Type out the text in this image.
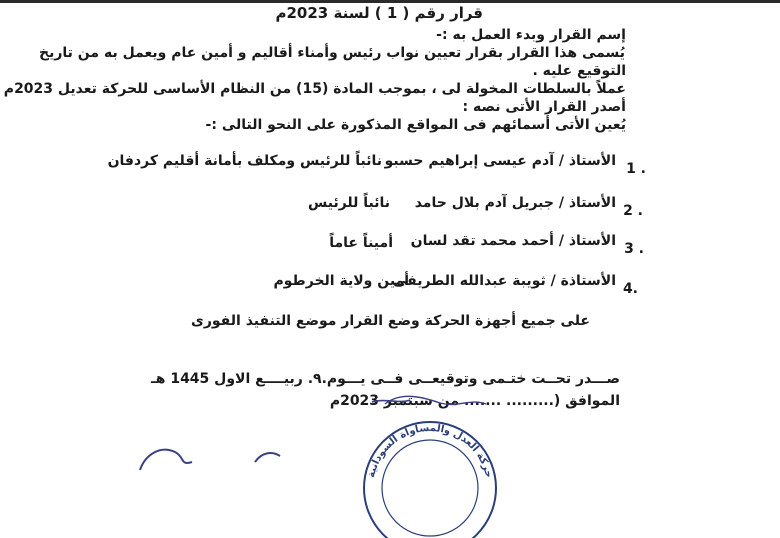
قرار رقم ( 1 ) لسنة 2023م
إسم القرار وبدء العمل به :-
يُسمى هذا القرار بقرار تعيين نواب رئيس وأمناء أقاليم و أمين عام ويعمل به من تاريخ
التوقيع عليه .
عملاً بالسلطات المخولة لى ، بموجب المادة (15) من النظام الأساسى للحركة تعديل 2023م
أصدر القرار الأتى نصه :
يُعين الأتى أسمائهم فى المواقع المذكورة على النحو التالى :-
1 .
الأستاذ / آدم عيسى إبراهيم حسبو
نائباً للرئيس ومكلف بأمانة أقليم كردفان
2 .
الأستاذ / جبريل آدم بلال حامد
نائباً للرئيس
3 .
الأستاذ / أحمد محمد تقد لسان
أميناً عاماً
4.
الأستاذة / ثويبة عبدالله الطريفى
أمين ولاية الخرطوم
على جميع أجهزة الحركة وضع القرار موضع التنفيذ الفورى
صـــدر تحــت ختـمى وتوقيعــى فــى يـــوم.٩. ربيــــع الاول 1445 هـ
الموافق (......... ....... من سبتمبر 2023م
حركة العدل والمساواة السودانية
